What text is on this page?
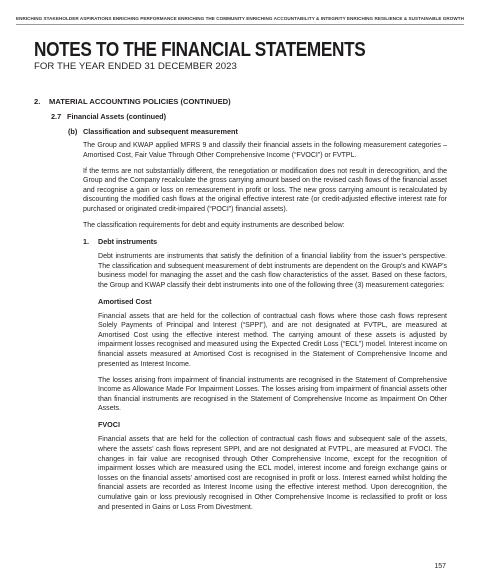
ENRICHING STAKEHOLDER ASPIRATIONS ENRICHING PERFORMANCE ENRICHING THE COMMUNITY ENRICHING ACCOUNTABILITY & INTEGRITY ENRICHING RESILIENCE & SUSTAINABLE GROWTH
NOTES TO THE FINANCIAL STATEMENTS
FOR THE YEAR ENDED 31 DECEMBER 2023
2. MATERIAL ACCOUNTING POLICIES (CONTINUED)
2.7 Financial Assets (continued)
(b) Classification and subsequent measurement

The Group and KWAP applied MFRS 9 and classify their financial assets in the following measurement categories – Amortised Cost, Fair Value Through Other Comprehensive Income (“FVOCI”) or FVTPL.

If the terms are not substantially different, the renegotiation or modification does not result in derecognition, and the Group and the Company recalculate the gross carrying amount based on the revised cash flows of the financial asset and recognise a gain or loss on remeasurement in profit or loss. The new gross carrying amount is recalculated by discounting the modified cash flows at the original effective interest rate (or credit-adjusted effective interest rate for purchased or originated credit-impaired (“POCI”) financial assets).

The classification requirements for debt and equity instruments are described below:

1. Debt instruments

Debt instruments are instruments that satisfy the definition of a financial liability from the issuer’s perspective. The classification and subsequent measurement of debt instruments are dependent on the Group’s and KWAP’s business model for managing the asset and the cash flow characteristics of the asset. Based on these factors, the Group and KWAP classify their debt instruments into one of the following three (3) measurement categories:

Amortised Cost

Financial assets that are held for the collection of contractual cash flows where those cash flows represent Solely Payments of Principal and Interest (“SPPI”), and are not designated at FVTPL, are measured at Amortised Cost using the effective interest method. The carrying amount of these assets is adjusted by impairment losses recognised and measured using the Expected Credit Loss (“ECL”) model. Interest income on financial assets measured at Amortised Cost is recognised in the Statement of Comprehensive Income and presented as Interest Income.

The losses arising from impairment of financial instruments are recognised in the Statement of Comprehensive Income as Allowance Made For Impairment Losses. The losses arising from impairment of financial assets other than financial instruments are recognised in the Statement of Comprehensive Income as Impairment On Other Assets.

FVOCI

Financial assets that are held for the collection of contractual cash flows and subsequent sale of the assets, where the assets’ cash flows represent SPPI, and are not designated at FVTPL, are measured at FVOCI. The changes in fair value are recognised through Other Comprehensive Income, except for the recognition of impairment losses which are measured using the ECL model, interest income and foreign exchange gains or losses on the financial assets’ amortised cost are recognised in profit or loss. Interest earned whilst holding the financial assets are recorded as Interest Income using the effective interest method. Upon derecognition, the cumulative gain or loss previously recognised in Other Comprehensive Income is reclassified to profit or loss and presented in Gains or Loss From Divestment.

157
